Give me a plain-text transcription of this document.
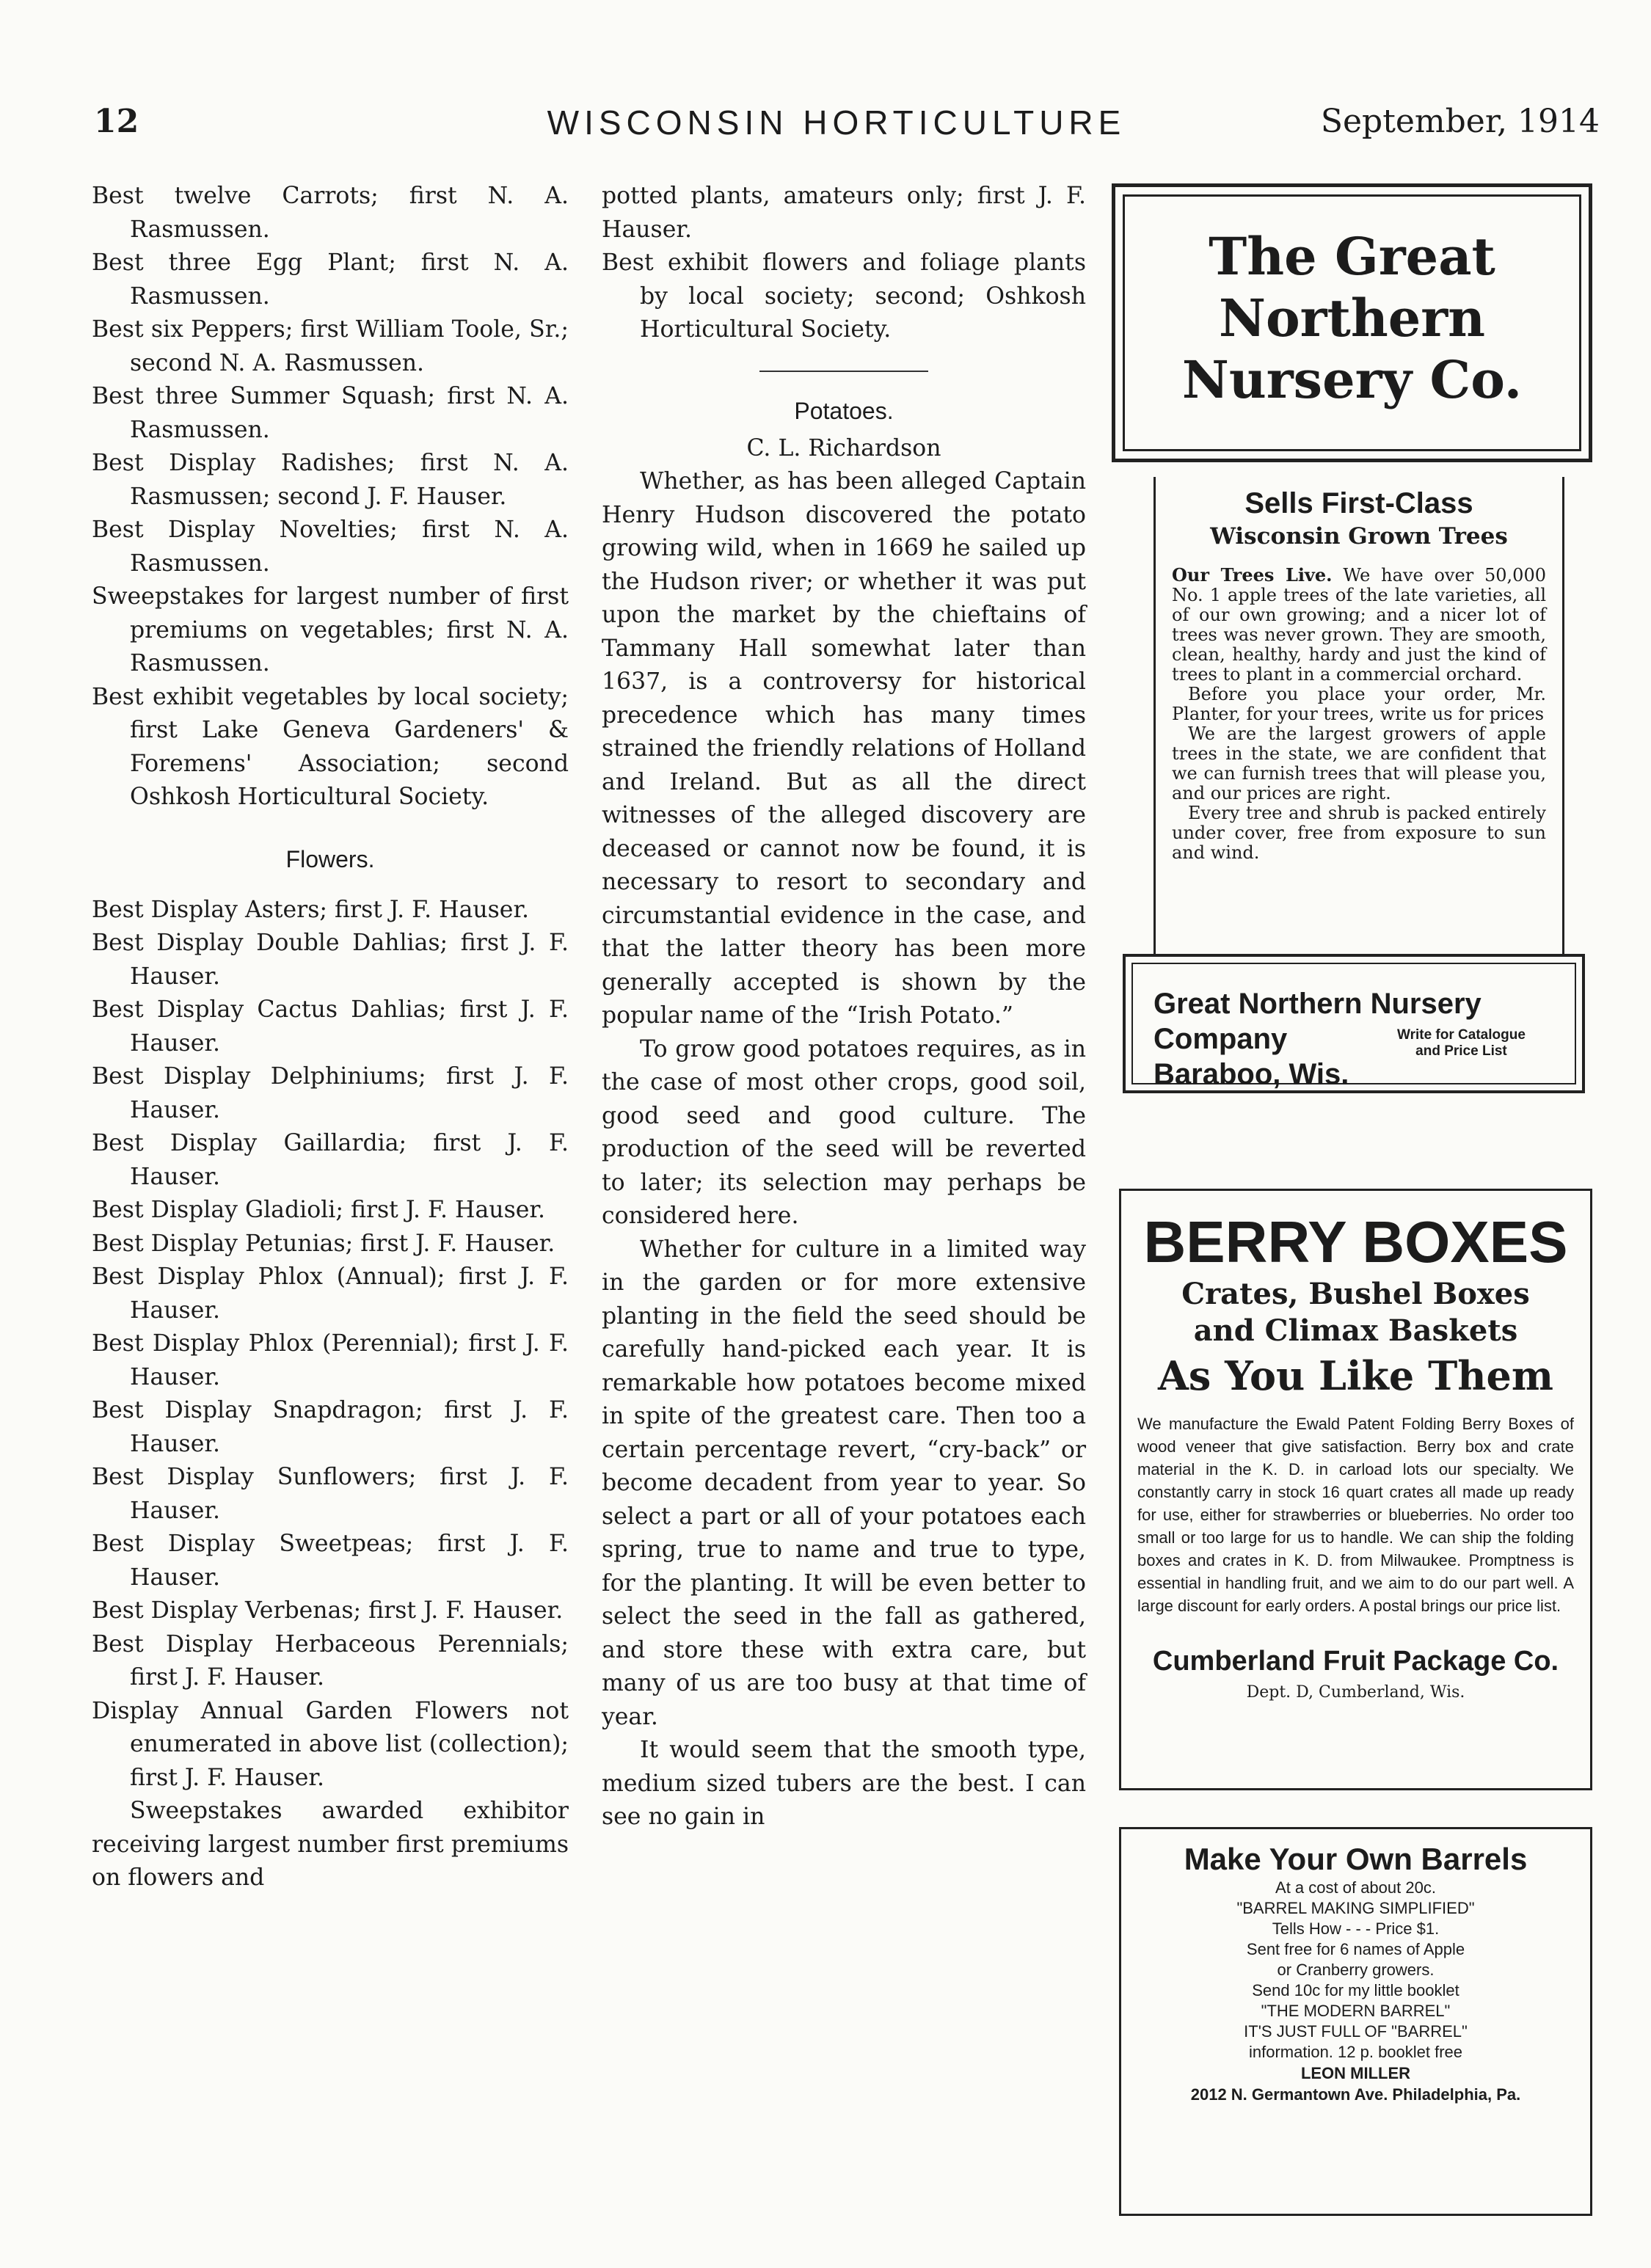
12	WISCONSIN HORTICULTURE	September, 1914
Best twelve Carrots; first N. A. Rasmussen.
Best three Egg Plant; first N. A. Rasmussen.
Best six Peppers; first William Toole, Sr.; second N. A. Rasmussen.
Best three Summer Squash; first N. A. Rasmussen.
Best Display Radishes; first N. A. Rasmussen; second J. F. Hauser.
Best Display Novelties; first N. A. Rasmussen.
Sweepstakes for largest number of first premiums on vegetables; first N. A. Rasmussen.
Best exhibit vegetables by local society; first Lake Geneva Gardeners' & Foremens' Association; second Oshkosh Horticultural Society.
Flowers.
Best Display Asters; first J. F. Hauser.
Best Display Double Dahlias; first J. F. Hauser.
Best Display Cactus Dahlias; first J. F. Hauser.
Best Display Delphiniums; first J. F. Hauser.
Best Display Gaillardia; first J. F. Hauser.
Best Display Gladioli; first J. F. Hauser.
Best Display Petunias; first J. F. Hauser.
Best Display Phlox (Annual); first J. F. Hauser.
Best Display Phlox (Perennial); first J. F. Hauser.
Best Display Snapdragon; first J. F. Hauser.
Best Display Sunflowers; first J. F. Hauser.
Best Display Sweetpeas; first J. F. Hauser.
Best Display Verbenas; first J. F. Hauser.
Best Display Herbaceous Perennials; first J. F. Hauser.
Display Annual Garden Flowers not enumerated in above list (collection); first J. F. Hauser.

Sweepstakes awarded exhibitor receiving largest number first premiums on flowers and

potted plants, amateurs only; first J. F. Hauser.
Best exhibit flowers and foliage plants by local society; second; Oshkosh Horticultural Society.
Potatoes.
C. L. Richardson

Whether, as has been alleged Captain Henry Hudson discovered the potato growing wild, when in 1669 he sailed up the Hudson river; or whether it was put upon the market by the chieftains of Tammany Hall somewhat later than 1637, is a controversy for historical precedence which has many times strained the friendly relations of Holland and Ireland. But as all the direct witnesses of the alleged discovery are deceased or cannot now be found, it is necessary to resort to secondary and circumstantial evidence in the case, and that the latter theory has been more generally accepted is shown by the popular name of the “Irish Potato.”

To grow good potatoes requires, as in the case of most other crops, good soil, good seed and good culture. The production of the seed will be reverted to later; its selection may perhaps be considered here.

Whether for culture in a limited way in the garden or for more extensive planting in the field the seed should be carefully hand-picked each year. It is remarkable how potatoes become mixed in spite of the greatest care. Then too a certain percentage revert, “cry-back” or become decadent from year to year. So select a part or all of your potatoes each spring, true to name and true to type, for the planting. It will be even better to select the seed in the fall as gathered, and store these with extra care, but many of us are too busy at that time of year.

It would seem that the smooth type, medium sized tubers are the best. I can see no gain in

The Great
Northern
Nursery Co.
Sells First-Class
Wisconsin Grown Trees

Our Trees Live. We have over 50,000 No. 1 apple trees of the late varieties, all of our own growing; and a nicer lot of trees was never grown. They are smooth, clean, healthy, hardy and just the kind of trees to plant in a commercial orchard.

Before you place your order, Mr. Planter, for your trees, write us for prices

We are the largest growers of apple trees in the state, we are confident that we can furnish trees that will please you, and our prices are right.

Every tree and shrub is packed entirely under cover, free from exposure to sun and wind.

Great Northern Nursery Company
Baraboo, Wis.
Write for Catalogue
and Price List
BERRY BOXES
Crates, Bushel Boxes
and Climax Baskets
As You Like Them

We manufacture the Ewald Patent Folding Berry Boxes of wood veneer that give satisfaction. Berry box and crate material in the K. D. in carload lots our specialty. We constantly carry in stock 16 quart crates all made up ready for use, either for strawberries or blueberries. No order too small or too large for us to handle. We can ship the folding boxes and crates in K. D. from Milwaukee. Promptness is essential in handling fruit, and we aim to do our part well. A large discount for early orders. A postal brings our price list.

Cumberland Fruit Package Co.
Dept. D, Cumberland, Wis.
Make Your Own Barrels
At a cost of about 20c.
"BARREL MAKING SIMPLIFIED"
Tells How - - - Price $1.
Sent free for 6 names of Apple
or Cranberry growers.
Send 10c for my little booklet
"THE MODERN BARREL"
IT'S JUST FULL OF "BARREL"
information. 12 p. booklet free
LEON MILLER
2012 N. Germantown Ave. Philadelphia, Pa.
